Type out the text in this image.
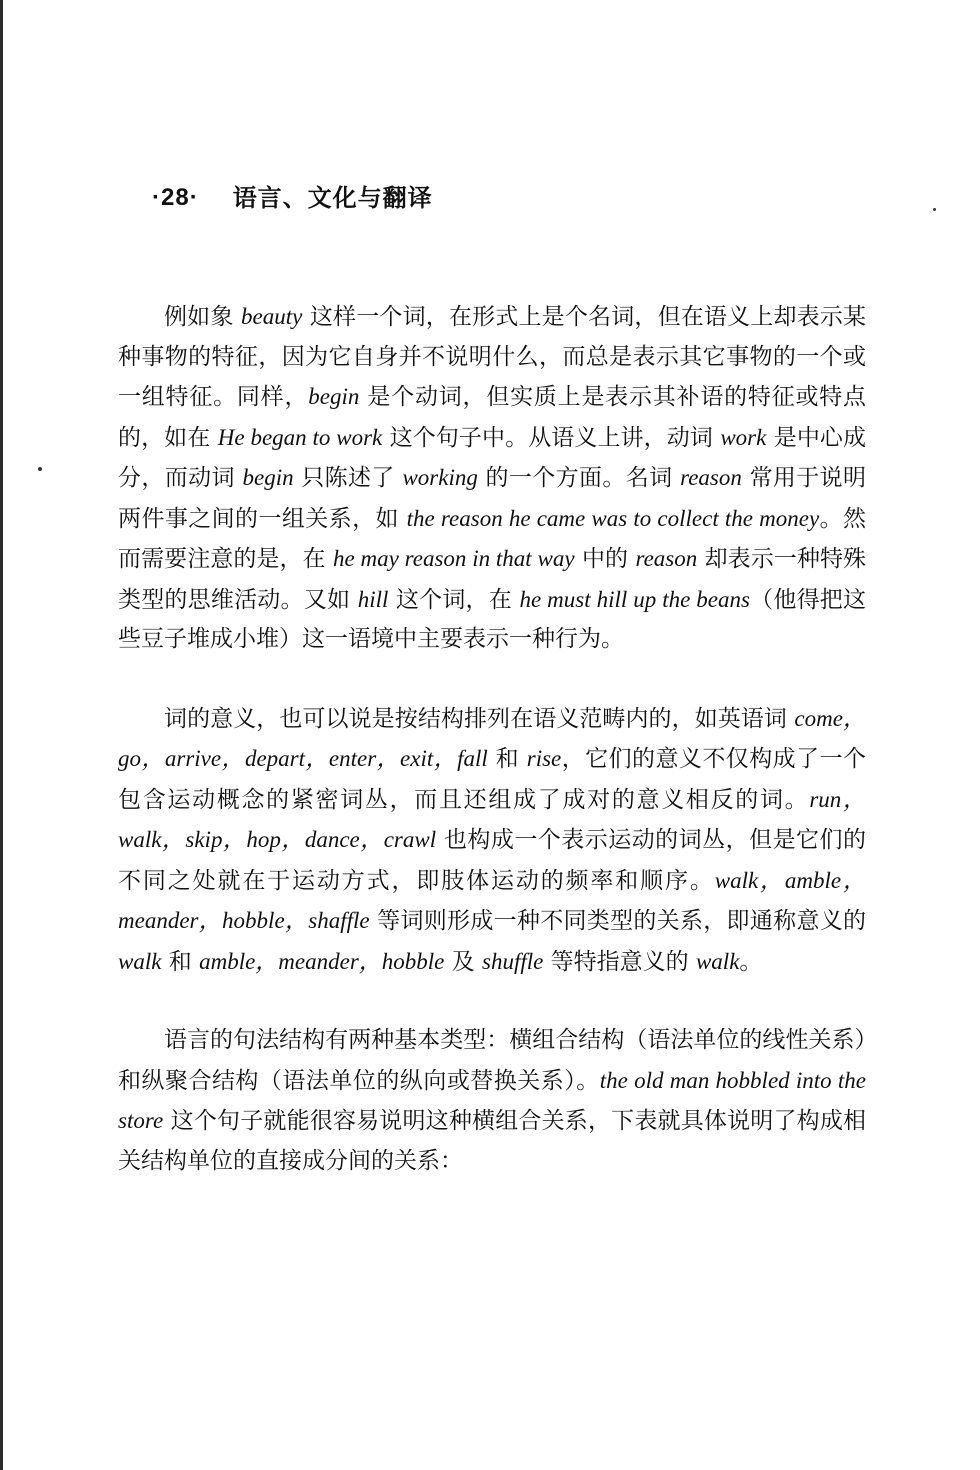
·28· 语言、文化与翻译

例如象 beauty 这样一个词，在形式上是个名词，但在语义上却表示某种事物的特征，因为它自身并不说明什么，而总是表示其它事物的一个或一组特征。同样，begin 是个动词，但实质上是表示其补语的特征或特点的，如在 He began to work 这个句子中。从语义上讲，动词 work 是中心成分，而动词 begin 只陈述了 working 的一个方面。名词 reason 常用于说明两件事之间的一组关系，如 the reason he came was to collect the money。然而需要注意的是，在 he may reason in that way 中的 reason 却表示一种特殊类型的思维活动。又如 hill 这个词，在 he must hill up the beans（他得把这些豆子堆成小堆）这一语境中主要表示一种行为。

词的意义，也可以说是按结构排列在语义范畴内的，如英语词 come，go，arrive，depart，enter，exit，fall 和 rise，它们的意义不仅构成了一个包含运动概念的紧密词丛，而且还组成了成对的意义相反的词。run，walk，skip，hop，dance，crawl 也构成一个表示运动的词丛，但是它们的不同之处就在于运动方式，即肢体运动的频率和顺序。walk，amble，meander，hobble，shaffle 等词则形成一种不同类型的关系，即通称意义的 walk 和 amble，meander，hobble 及 shuffle 等特指意义的 walk。

语言的句法结构有两种基本类型：横组合结构（语法单位的线性关系）和纵聚合结构（语法单位的纵向或替换关系）。the old man hobbled into the store 这个句子就能很容易说明这种横组合关系，下表就具体说明了构成相关结构单位的直接成分间的关系：
